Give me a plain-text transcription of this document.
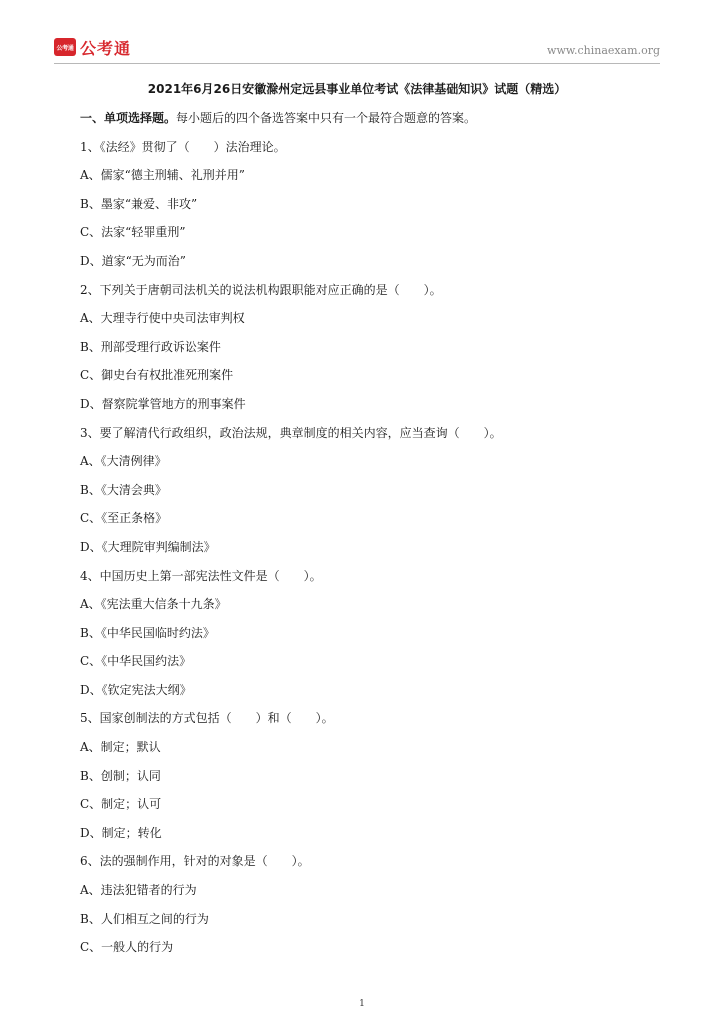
公考通 公考通	www.chinaexam.org
2021年6月26日安徽滁州定远县事业单位考试《法律基础知识》试题（精选）
一、单项选择题。每小题后的四个备选答案中只有一个最符合题意的答案。
1、《法经》贯彻了（　　）法治理论。
A、儒家“德主刑辅、礼刑并用”
B、墨家“兼爱、非攻”
C、法家“轻罪重刑”
D、道家“无为而治”
2、下列关于唐朝司法机关的说法机构跟职能对应正确的是（　　）。
A、大理寺行使中央司法审判权
B、刑部受理行政诉讼案件
C、御史台有权批准死刑案件
D、督察院掌管地方的刑事案件
3、要了解清代行政组织，政治法规，典章制度的相关内容，应当查询（　　）。
A、《大清例律》
B、《大清会典》
C、《至正条格》
D、《大理院审判编制法》
4、中国历史上第一部宪法性文件是（　　）。
A、《宪法重大信条十九条》
B、《中华民国临时约法》
C、《中华民国约法》
D、《钦定宪法大纲》
5、国家创制法的方式包括（　　）和（　　）。
A、制定；默认
B、创制；认同
C、制定；认可
D、制定；转化
6、法的强制作用，针对的对象是（　　）。
A、违法犯错者的行为
B、人们相互之间的行为
C、一般人的行为
1
